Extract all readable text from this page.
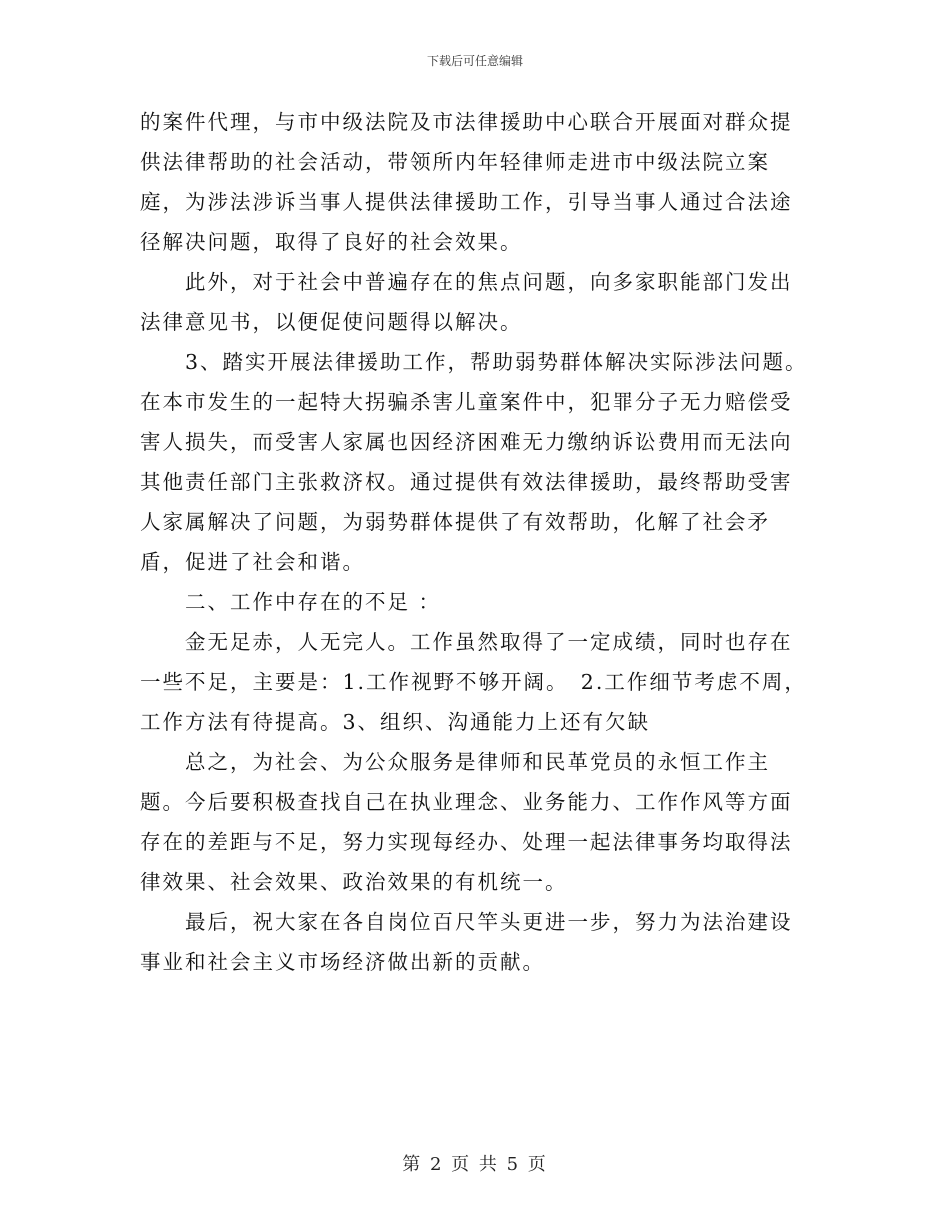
下载后可任意编辑

的案件代理，与市中级法院及市法律援助中心联合开展面对群众提供法律帮助的社会活动，带领所内年轻律师走进市中级法院立案庭，为涉法涉诉当事人提供法律援助工作，引导当事人通过合法途径解决问题，取得了良好的社会效果。

此外，对于社会中普遍存在的焦点问题，向多家职能部门发出法律意见书，以便促使问题得以解决。

3、踏实开展法律援助工作，帮助弱势群体解决实际涉法问题。在本市发生的一起特大拐骗杀害儿童案件中，犯罪分子无力赔偿受害人损失，而受害人家属也因经济困难无力缴纳诉讼费用而无法向其他责任部门主张救济权。通过提供有效法律援助，最终帮助受害人家属解决了问题，为弱势群体提供了有效帮助，化解了社会矛盾，促进了社会和谐。

二、工作中存在的不足 ：

金无足赤，人无完人。工作虽然取得了一定成绩，同时也存在一些不足，主要是：1.工作视野不够开阔。　2.工作细节考虑不周，工作方法有待提高。3、组织、沟通能力上还有欠缺

总之，为社会、为公众服务是律师和民革党员的永恒工作主题。今后要积极查找自己在执业理念、业务能力、工作作风等方面存在的差距与不足，努力实现每经办、处理一起法律事务均取得法律效果、社会效果、政治效果的有机统一。

最后，祝大家在各自岗位百尺竿头更进一步，努力为法治建设事业和社会主义市场经济做出新的贡献。

第 2 页 共 5 页
